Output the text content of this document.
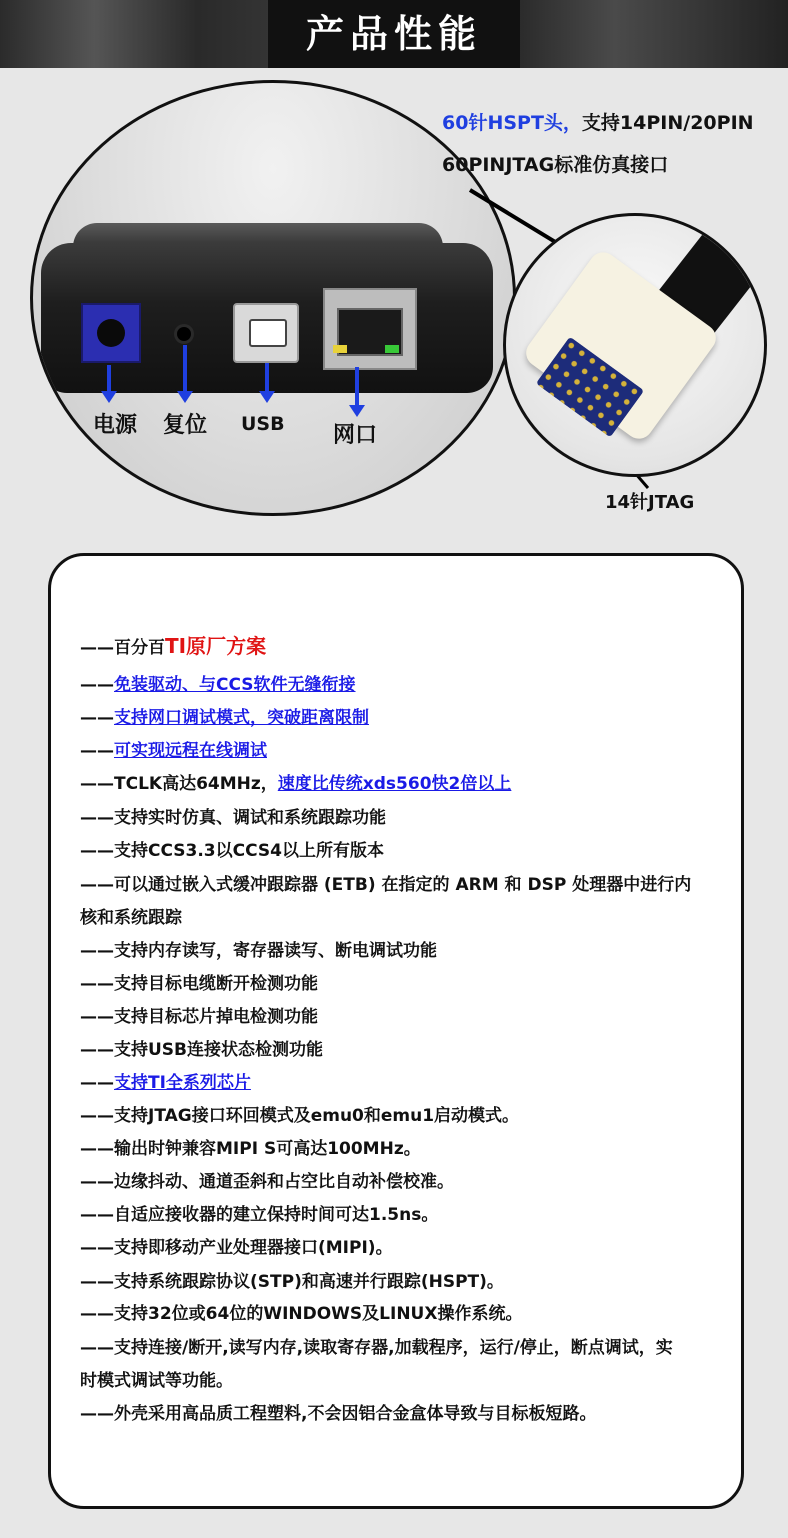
产品性能
电源 复位 USB 网口
60针HSPT头，支持14PIN/20PIN
60PINJTAG标准仿真接口
14针JTAG
——百分百TI原厂方案
——免装驱动、与CCS软件无缝衔接
——支持网口调试模式，突破距离限制
——可实现远程在线调试
——TCLK高达64MHz，速度比传统xds560快2倍以上
——支持实时仿真、调试和系统跟踪功能
——支持CCS3.3以CCS4以上所有版本
——可以通过嵌入式缓冲跟踪器 (ETB) 在指定的 ARM 和 DSP 处理器中进行内
核和系统跟踪
——支持内存读写，寄存器读写、断电调试功能
——支持目标电缆断开检测功能
——支持目标芯片掉电检测功能
——支持USB连接状态检测功能
——支持TI全系列芯片
——支持JTAG接口环回模式及emu0和emu1启动模式。
——输出时钟兼容MIPI S可高达100MHz。
——边缘抖动、通道歪斜和占空比自动补偿校准。
——自适应接收器的建立保持时间可达1.5ns。
——支持即移动产业处理器接口(MIPI)。
——支持系统跟踪协议(STP)和高速并行跟踪(HSPT)。
——支持32位或64位的WINDOWS及LINUX操作系统。
——支持连接/断开,读写内存,读取寄存器,加载程序，运行/停止，断点调试，实
时模式调试等功能。
——外壳采用高品质工程塑料,不会因铝合金盒体导致与目标板短路。
